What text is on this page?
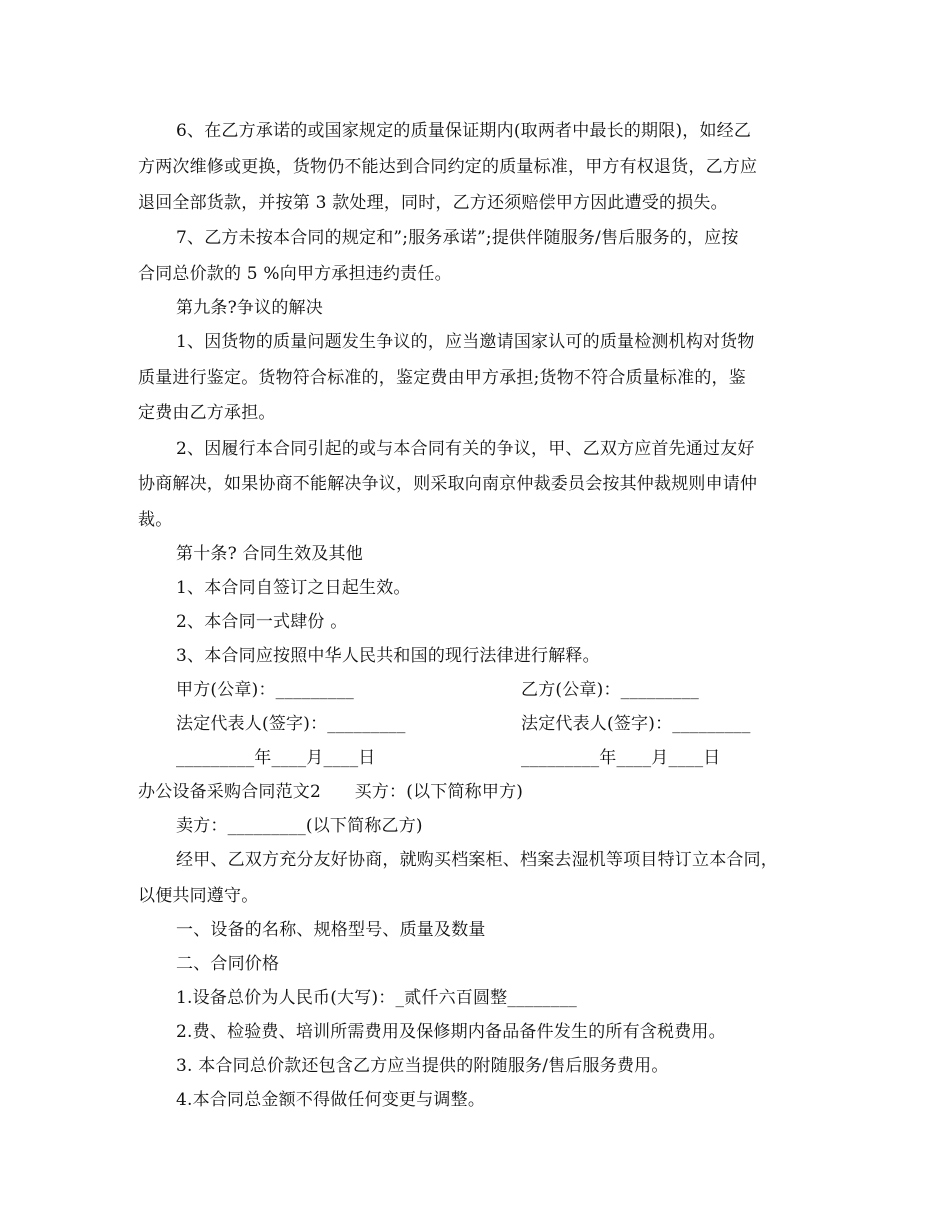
6、在乙方承诺的或国家规定的质量保证期内(取两者中最长的期限)，如经乙
方两次维修或更换，货物仍不能达到合同约定的质量标准，甲方有权退货，乙方应
退回全部货款，并按第 3 款处理，同时，乙方还须赔偿甲方因此遭受的损失。
7、乙方未按本合同的规定和”;服务承诺”;提供伴随服务/售后服务的，应按
合同总价款的 5 %向甲方承担违约责任。
第九条?争议的解决
1、因货物的质量问题发生争议的，应当邀请国家认可的质量检测机构对货物
质量进行鉴定。货物符合标准的，鉴定费由甲方承担;货物不符合质量标准的，鉴
定费由乙方承担。
2、因履行本合同引起的或与本合同有关的争议，甲、乙双方应首先通过友好
协商解决，如果协商不能解决争议，则采取向南京仲裁委员会按其仲裁规则申请仲
裁。
第十条? 合同生效及其他
1、本合同自签订之日起生效。
2、本合同一式肆份 。
3、本合同应按照中华人民共和国的现行法律进行解释。
甲方(公章)：_________	乙方(公章)：_________
法定代表人(签字)：_________	法定代表人(签字)：_________
_________年____月____日	_________年____月____日
办公设备采购合同范文2      买方：(以下简称甲方)
卖方：_________(以下简称乙方)
经甲、乙双方充分友好协商，就购买档案柜、档案去湿机等项目特订立本合同，
以便共同遵守。
一、设备的名称、规格型号、质量及数量
二、合同价格
1.设备总价为人民币(大写)：_贰仟六百圆整________
2.费、检验费、培训所需费用及保修期内备品备件发生的所有含税费用。
3. 本合同总价款还包含乙方应当提供的附随服务/售后服务费用。
4.本合同总金额不得做任何变更与调整。
